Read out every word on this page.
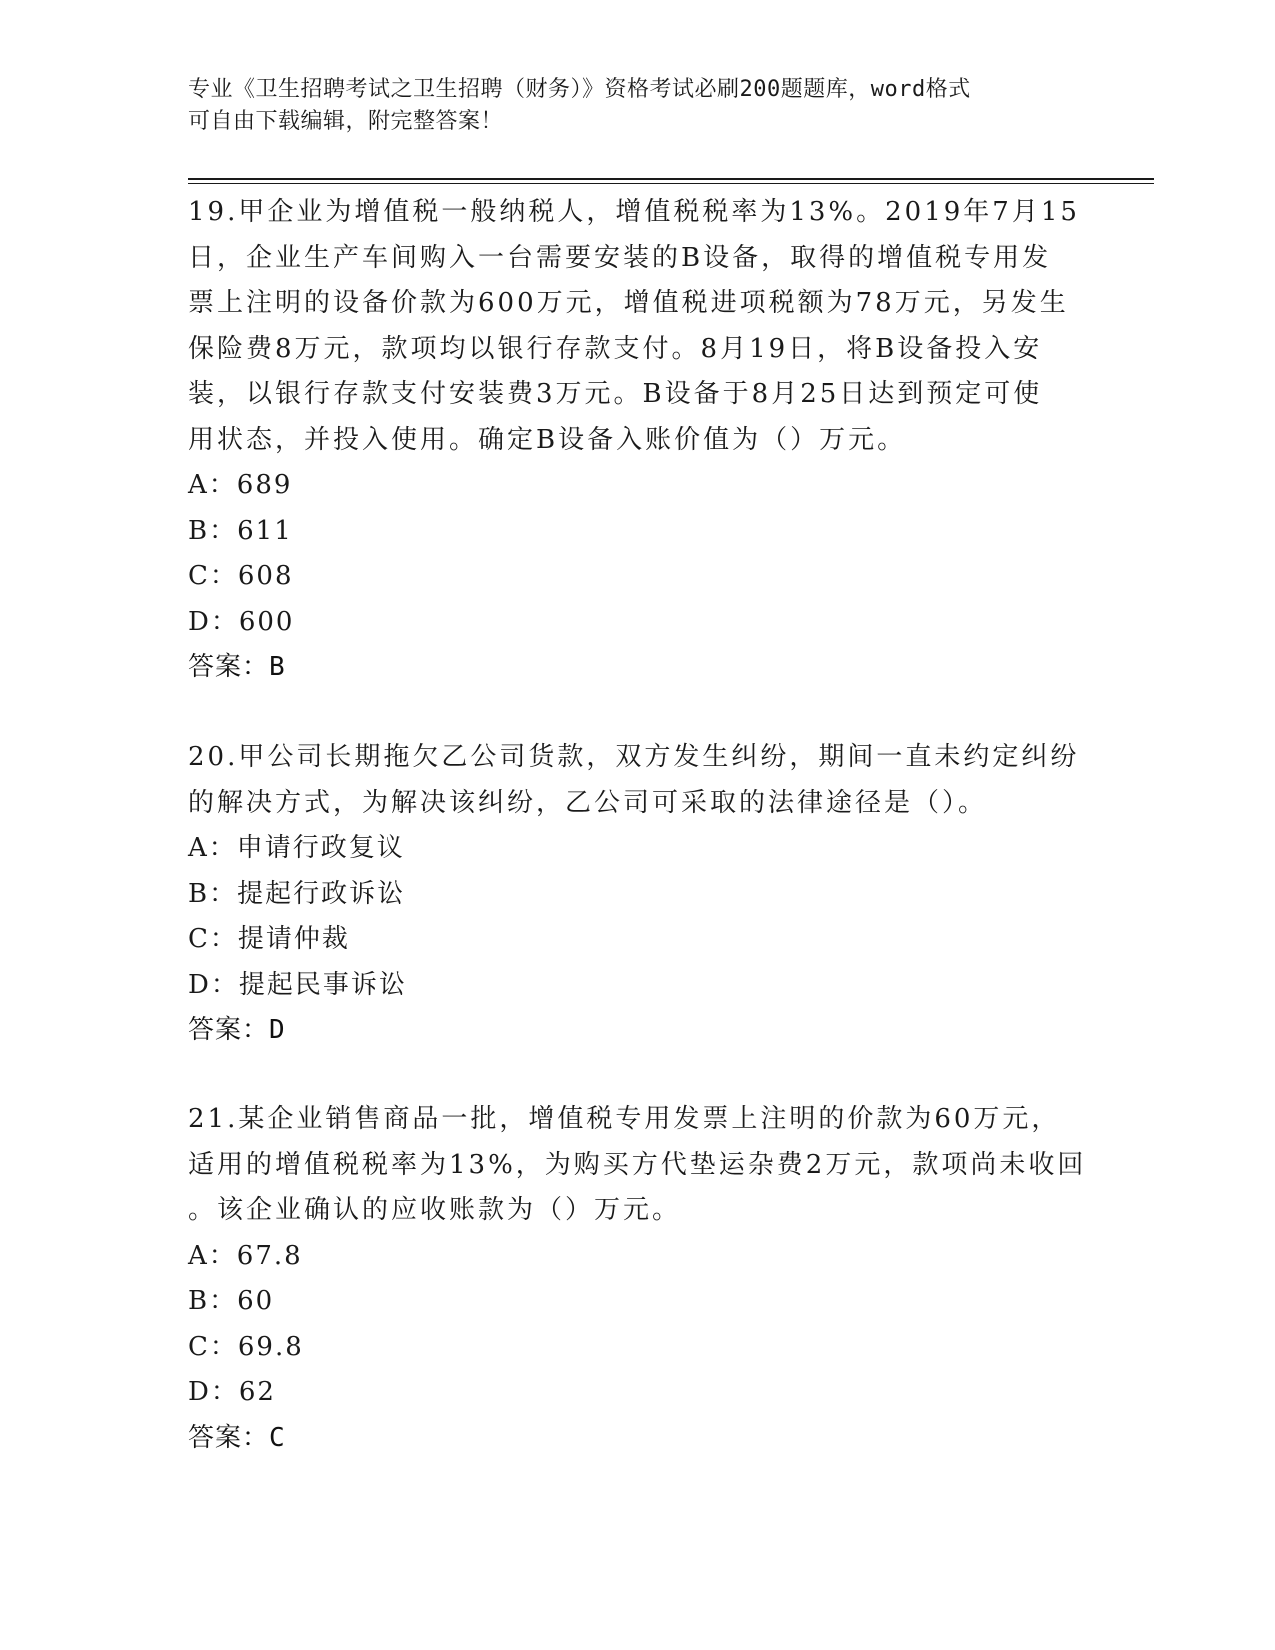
专业《卫生招聘考试之卫生招聘（财务）》资格考试必刷200题题库，word格式
可自由下载编辑，附完整答案！

19.甲企业为增值税一般纳税人，增值税税率为13%。2019年7月15
日，企业生产车间购入一台需要安装的B设备，取得的增值税专用发
票上注明的设备价款为600万元，增值税进项税额为78万元，另发生
保险费8万元，款项均以银行存款支付。8月19日，将B设备投入安
装，以银行存款支付安装费3万元。B设备于8月25日达到预定可使
用状态，并投入使用。确定B设备入账价值为（）万元。

A：689

B：611

C：608

D：600

答案：B

20.甲公司长期拖欠乙公司货款，双方发生纠纷，期间一直未约定纠纷
的解决方式，为解决该纠纷，乙公司可采取的法律途径是（）。

A：申请行政复议

B：提起行政诉讼

C：提请仲裁

D：提起民事诉讼

答案：D

21.某企业销售商品一批，增值税专用发票上注明的价款为60万元，
适用的增值税税率为13%，为购买方代垫运杂费2万元，款项尚未收回
。该企业确认的应收账款为（）万元。

A：67.8

B：60

C：69.8

D：62

答案：C
